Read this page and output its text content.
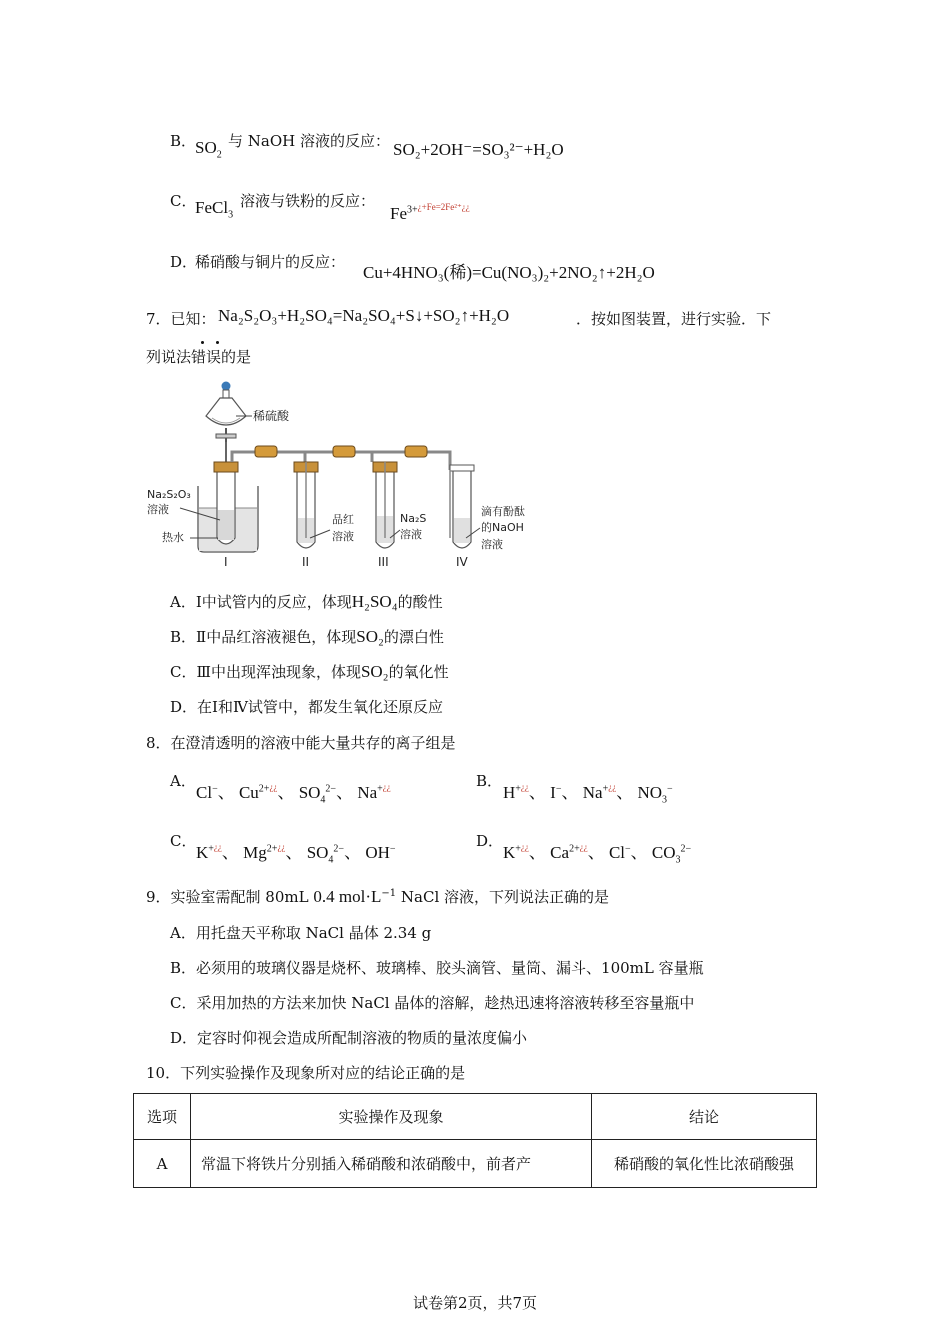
B．
$SO_2$
与 NaOH 溶液的反应： SO₂+2OH⁻=SO₃²⁻+H₂O
C．
FeCl$_3$
溶液与铁粉的反应：
$Fe^{3+¿+Fe=2Fe^{2+}¿¿}$
D．
稀硝酸与铜片的反应：
Cu+4HNO₃(稀)=Cu(NO₃)₂+2NO₂↑+2H₂O
7．已知： Na₂S₂O₃+H₂SO₄=Na₂SO₄+S↓+SO₂↑+H₂O	．按如图装置，进行实验．下
列说法错误的是
稀硫酸
Na₂S₂O₃
溶液
热水
品红
溶液
Na₂S
溶液
滴有酚酞
的NaOH
溶液
I	II	III	IV
A．Ⅰ中试管内的反应，体现H₂SO₄的酸性
B．Ⅱ中品红溶液褪色，体现SO₂的漂白性
C．Ⅲ中出现浑浊现象，体现SO₂的氧化性
D．在Ⅰ和Ⅳ试管中，都发生氧化还原反应
8．在澄清透明的溶液中能大量共存的离子组是
A．
Cl−、 $Cu^{2+¿¿}$、 $SO_4^{2-}$、 Na+¿¿	B．
H+¿¿、 I−、 Na+¿¿、 $NO_3^-$
C．
K+¿¿、 $Mg^{2+¿¿}$、 $SO_4^{2-}$、 OH−	D．
K+¿¿、 $Ca^{2+¿¿}$、 Cl−、 $CO_3^{2-}$
9．实验室需配制 80mL 0.4 $mol\cdot L^{-1}$ NaCl 溶液，下列说法正确的是
A．用托盘天平称取 NaCl 晶体 2.34 g
B．必须用的玻璃仪器是烧杯、玻璃棒、胶头滴管、量筒、漏斗、100mL 容量瓶
C．采用加热的方法来加快 NaCl 晶体的溶解，趁热迅速将溶液转移至容量瓶中
D．定容时仰视会造成所配制溶液的物质的量浓度偏小
10．下列实验操作及现象所对应的结论正确的是
选项	实验操作及现象	结论
A	常温下将铁片分别插入稀硝酸和浓硝酸中，前者产	稀硝酸的氧化性比浓硝酸强
试卷第2页，共7页
